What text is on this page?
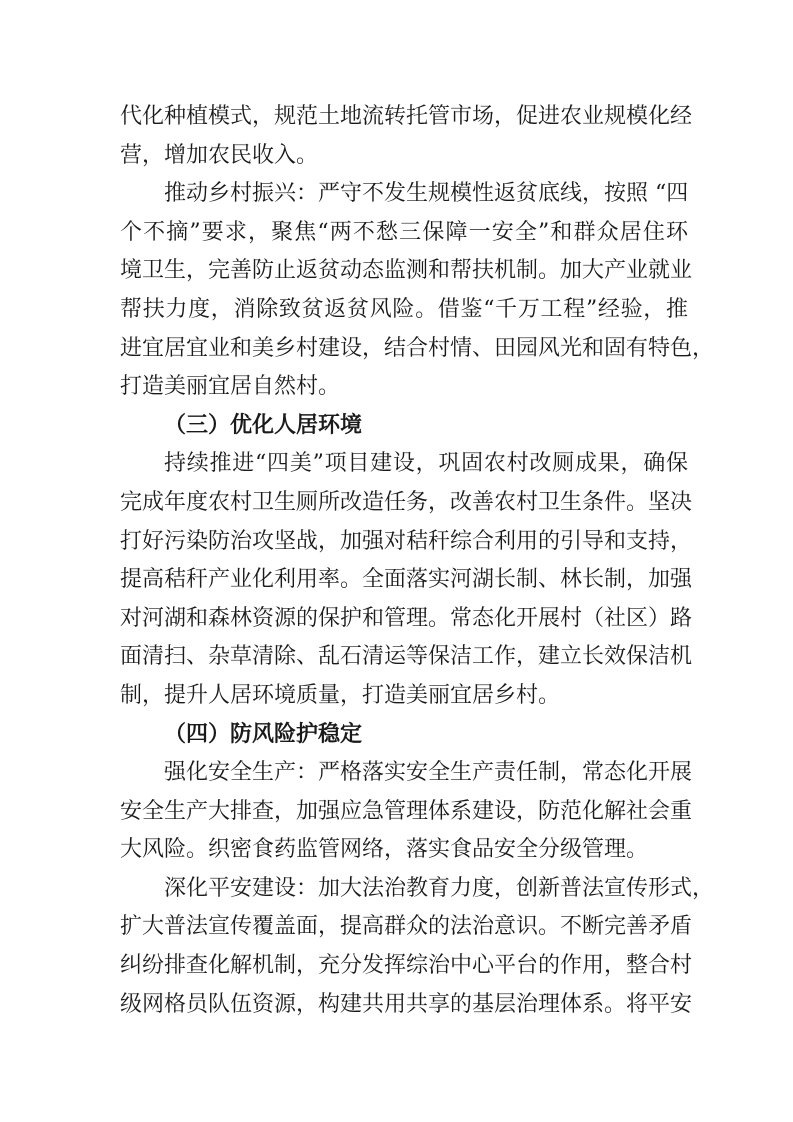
代化种植模式，规范土地流转托管市场，促进农业规模化经
营，增加农民收入。
推动乡村振兴：严守不发生规模性返贫底线，按照 “四
个不摘”要求，聚焦“两不愁三保障一安全”和群众居住环
境卫生，完善防止返贫动态监测和帮扶机制。加大产业就业
帮扶力度，消除致贫返贫风险。借鉴“千万工程”经验，推
进宜居宜业和美乡村建设，结合村情、田园风光和固有特色，
打造美丽宜居自然村。
（三）优化人居环境
持续推进“四美”项目建设，巩固农村改厕成果，确保
完成年度农村卫生厕所改造任务，改善农村卫生条件。坚决
打好污染防治攻坚战，加强对秸秆综合利用的引导和支持，
提高秸秆产业化利用率。全面落实河湖长制、林长制，加强
对河湖和森林资源的保护和管理。常态化开展村（社区）路
面清扫、杂草清除、乱石清运等保洁工作，建立长效保洁机
制，提升人居环境质量，打造美丽宜居乡村。
（四）防风险护稳定
强化安全生产：严格落实安全生产责任制，常态化开展
安全生产大排查，加强应急管理体系建设，防范化解社会重
大风险。织密食药监管网络，落实食品安全分级管理。
深化平安建设：加大法治教育力度，创新普法宣传形式，
扩大普法宣传覆盖面，提高群众的法治意识。不断完善矛盾
纠纷排查化解机制，充分发挥综治中心平台的作用，整合村
级网格员队伍资源，构建共用共享的基层治理体系。将平安
